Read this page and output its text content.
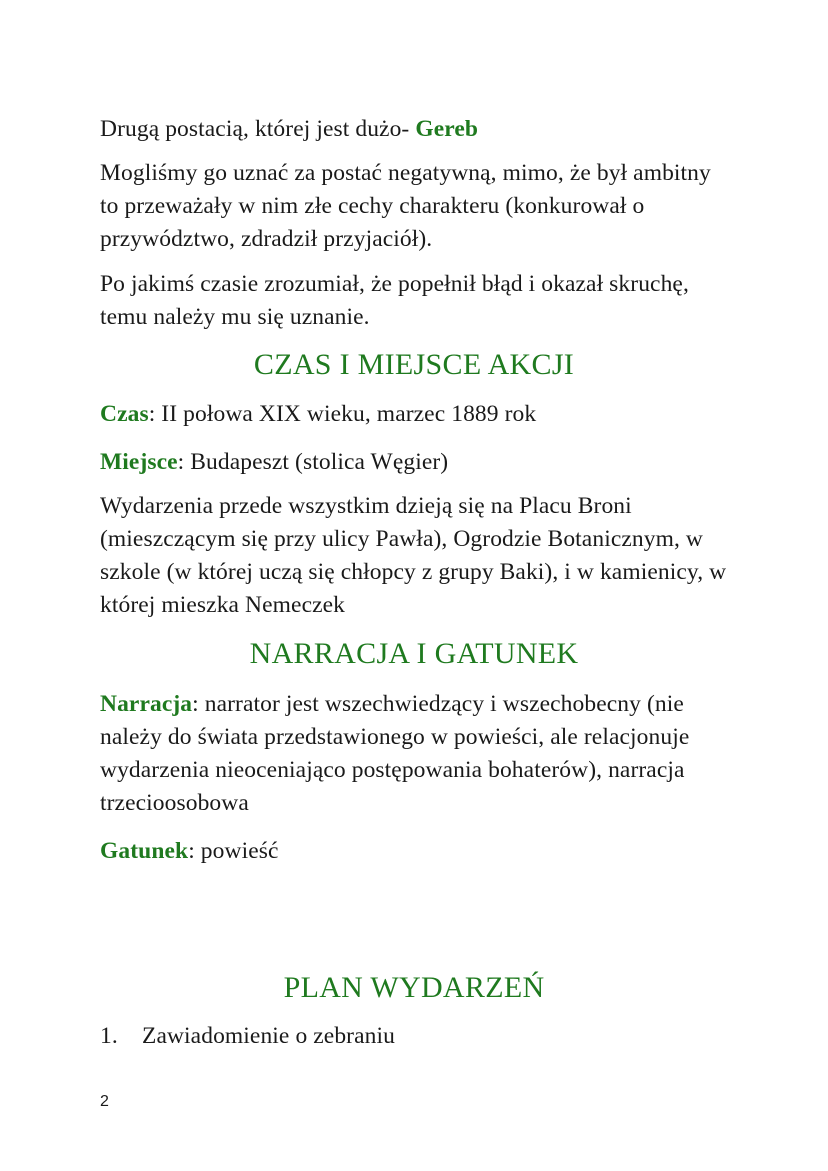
Drugą postacią, której jest dużo- Gereb

Mogliśmy go uznać za postać negatywną, mimo, że był ambitny to przeważały w nim złe cechy charakteru (konkurował o przywództwo, zdradził przyjaciół).

Po jakimś czasie zrozumiał, że popełnił błąd i okazał skruchę, temu należy mu się uznanie.

CZAS I MIEJSCE AKCJI

Czas: II połowa XIX wieku, marzec 1889 rok

Miejsce: Budapeszt (stolica Węgier)

Wydarzenia przede wszystkim dzieją się na Placu Broni (mieszczącym się przy ulicy Pawła), Ogrodzie Botanicznym, w szkole (w której uczą się chłopcy z grupy Baki), i w kamienicy, w której mieszka Nemeczek

NARRACJA I GATUNEK

Narracja: narrator jest wszechwiedzący i wszechobecny (nie należy do świata przedstawionego w powieści, ale relacjonuje wydarzenia nieoceniająco postępowania bohaterów), narracja trzecioosobowa

Gatunek: powieść

PLAN WYDARZEŃ

1.	Zawiadomienie o zebraniu

2
